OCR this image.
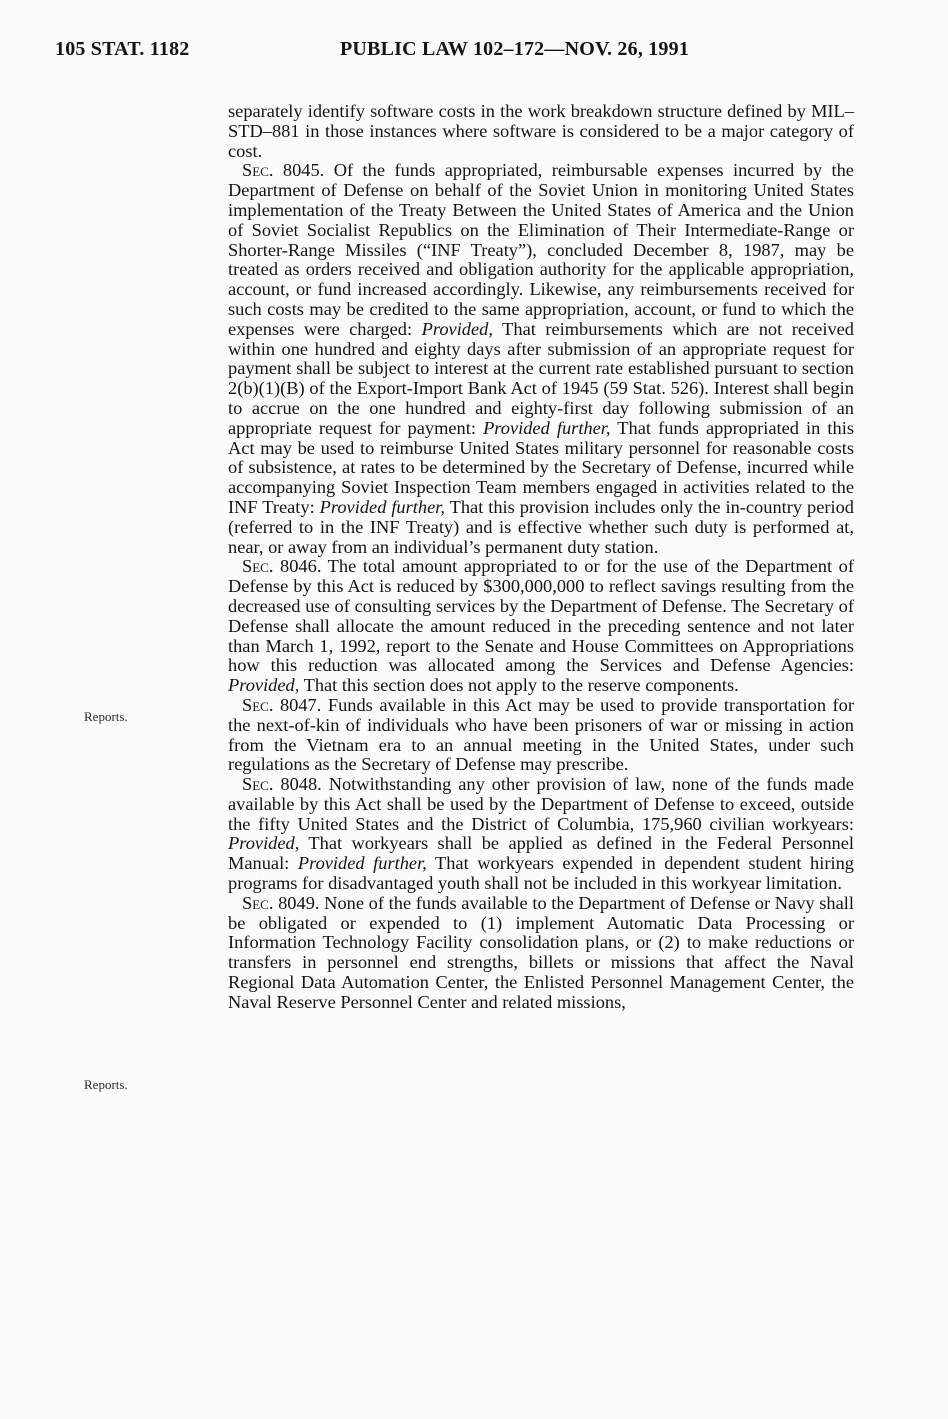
105 STAT. 1182	PUBLIC LAW 102–172—NOV. 26, 1991
Reports.
Reports.

separately identify software costs in the work breakdown structure defined by MIL–STD–881 in those instances where software is considered to be a major category of cost.

Sec. 8045. Of the funds appropriated, reimbursable expenses incurred by the Department of Defense on behalf of the Soviet Union in monitoring United States implementation of the Treaty Between the United States of America and the Union of Soviet Socialist Republics on the Elimination of Their Intermediate-Range or Shorter-Range Missiles (“INF Treaty”), concluded December 8, 1987, may be treated as orders received and obligation authority for the applicable appropriation, account, or fund increased accordingly. Likewise, any reimbursements received for such costs may be credited to the same appropriation, account, or fund to which the expenses were charged: Provided, That reimbursements which are not received within one hundred and eighty days after submission of an appropriate request for payment shall be subject to interest at the current rate established pursuant to section 2(b)(1)(B) of the Export-Import Bank Act of 1945 (59 Stat. 526). Interest shall begin to accrue on the one hundred and eighty-first day following submission of an appropriate request for payment: Provided further, That funds appropriated in this Act may be used to reimburse United States military personnel for reasonable costs of subsistence, at rates to be determined by the Secretary of Defense, incurred while accompanying Soviet Inspection Team members engaged in activities related to the INF Treaty: Provided further, That this provision includes only the in-country period (referred to in the INF Treaty) and is effective whether such duty is performed at, near, or away from an individual’s permanent duty station.

Sec. 8046. The total amount appropriated to or for the use of the Department of Defense by this Act is reduced by $300,000,000 to reflect savings resulting from the decreased use of consulting services by the Department of Defense. The Secretary of Defense shall allocate the amount reduced in the preceding sentence and not later than March 1, 1992, report to the Senate and House Committees on Appropriations how this reduction was allocated among the Services and Defense Agencies: Provided, That this section does not apply to the reserve components.

Sec. 8047. Funds available in this Act may be used to provide transportation for the next-of-kin of individuals who have been prisoners of war or missing in action from the Vietnam era to an annual meeting in the United States, under such regulations as the Secretary of Defense may prescribe.

Sec. 8048. Notwithstanding any other provision of law, none of the funds made available by this Act shall be used by the Department of Defense to exceed, outside the fifty United States and the District of Columbia, 175,960 civilian workyears: Provided, That workyears shall be applied as defined in the Federal Personnel Manual: Provided further, That workyears expended in dependent student hiring programs for disadvantaged youth shall not be included in this workyear limitation.

Sec. 8049. None of the funds available to the Department of Defense or Navy shall be obligated or expended to (1) implement Automatic Data Processing or Information Technology Facility consolidation plans, or (2) to make reductions or transfers in personnel end strengths, billets or missions that affect the Naval Regional Data Automation Center, the Enlisted Personnel Management Center, the Naval Reserve Personnel Center and related missions,
